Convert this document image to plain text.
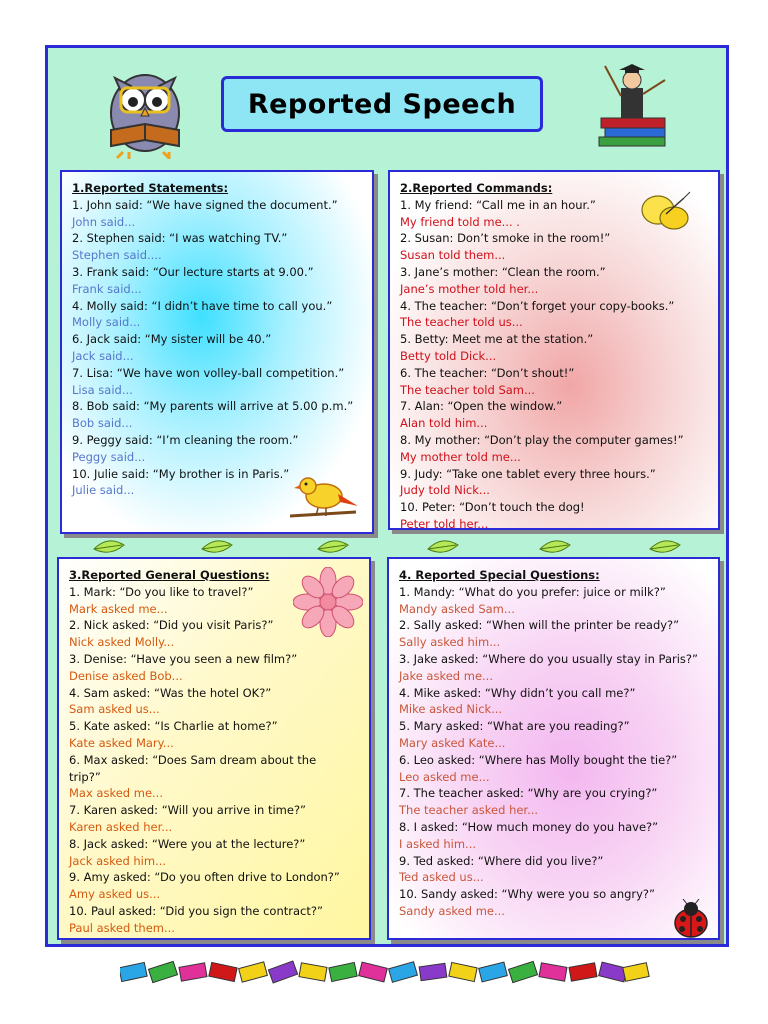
Reported Speech
1.Reported Statements:
1. John said: “We have signed the document.”
John said...
2. Stephen said: “I was watching TV.”
Stephen said....
3. Frank said: “Our lecture starts at 9.00.”
Frank said...
4. Molly said: “I didn’t have time to call you.”
Molly said...
6. Jack said: “My sister will be 40.”
Jack said...
7. Lisa: “We have won volley-ball competition.”
Lisa said...
8. Bob said: “My parents will arrive at 5.00 p.m.”
Bob said...
9. Peggy said: “I’m cleaning the room.”
Peggy said...
10. Julie said: “My brother is in Paris.”
Julie said...
2.Reported Commands:
1. My friend: “Call me in an hour.”
My friend told me... .
2. Susan: Don’t smoke in the room!”
Susan told them...
3. Jane’s mother: “Clean the room.”
Jane’s mother told her...
4. The teacher: “Don’t forget your copy-books.”
The teacher told us...
5. Betty: Meet me at the station.”
Betty told Dick...
6. The teacher: “Don’t shout!”
The teacher told Sam...
7. Alan: “Open the window.”
Alan told him...
8. My mother: “Don’t play the computer games!”
My mother told me...
9. Judy: “Take one tablet every three hours.”
Judy told Nick...
10. Peter: “Don’t touch the dog!
Peter told her...
3.Reported General Questions:
1. Mark: “Do you like to travel?”
Mark asked me...
2. Nick asked: “Did you visit Paris?”
Nick asked Molly...
3. Denise: “Have you seen a new film?”
Denise asked Bob...
4. Sam asked: “Was the hotel OK?”
Sam asked us...
5. Kate asked: “Is Charlie at home?”
Kate asked Mary...
6. Max asked: “Does Sam dream about the trip?”
Max asked me...
7. Karen asked: “Will you arrive in time?”
Karen asked her...
8. Jack asked: “Were you at the lecture?”
Jack asked him...
9. Amy asked: “Do you often drive to London?”
Amy asked us...
10. Paul asked: “Did you sign the contract?”
Paul asked them...
4. Reported Special Questions:
1. Mandy: “What do you prefer: juice or milk?”
Mandy asked Sam...
2. Sally asked: “When will the printer be ready?”
Sally asked him...
3. Jake asked: “Where do you usually stay in Paris?”
Jake asked me...
4. Mike asked: “Why didn’t you call me?”
Mike asked Nick...
5. Mary asked: “What are you reading?”
Mary asked Kate...
6. Leo asked: “Where has Molly bought the tie?”
Leo asked me...
7. The teacher asked: “Why are you crying?”
The teacher asked her...
8. I asked: “How much money do you have?”
I asked him...
9. Ted asked: “Where did you live?”
Ted asked us...
10. Sandy asked: “Why were you so angry?”
Sandy asked me...
